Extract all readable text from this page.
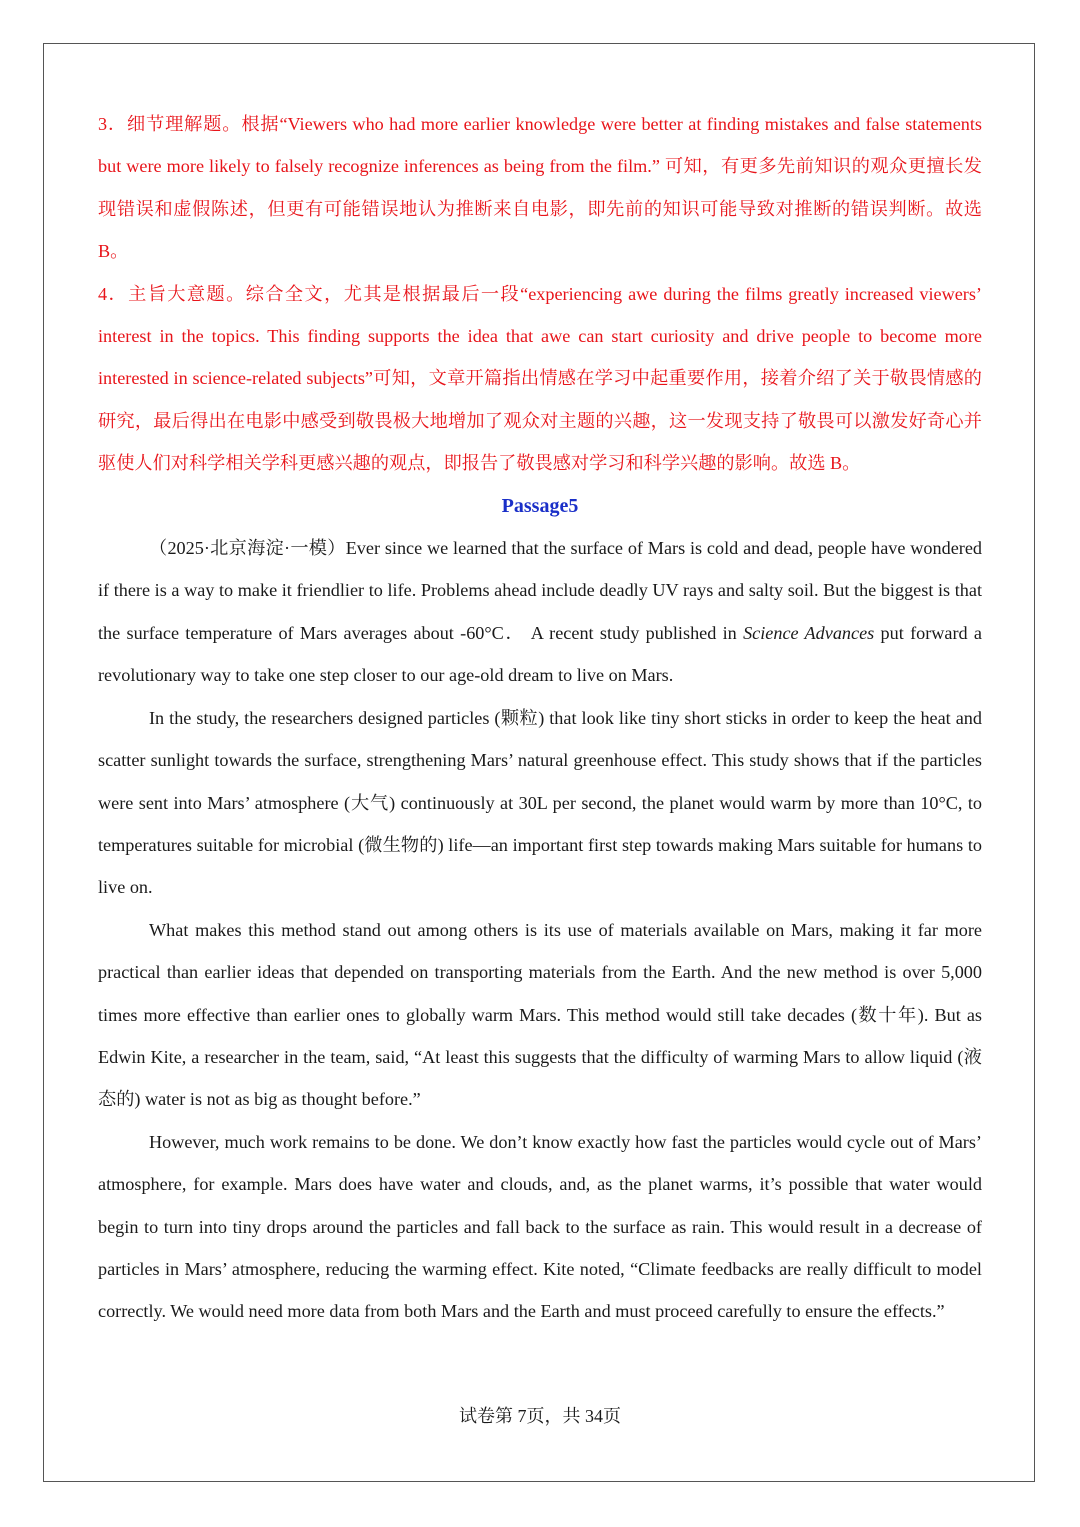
3．细节理解题。根据“Viewers who had more earlier knowledge were better at finding mistakes and false statements but were more likely to falsely recognize inferences as being from the film.” 可知，有更多先前知识的观众更擅长发现错误和虚假陈述，但更有可能错误地认为推断来自电影，即先前的知识可能导致对推断的错误判断。故选 B。

4．主旨大意题。综合全文，尤其是根据最后一段“experiencing awe during the films greatly increased viewers’ interest in the topics. This finding supports the idea that awe can start curiosity and drive people to become more interested in science-related subjects”可知，文章开篇指出情感在学习中起重要作用，接着介绍了关于敬畏情感的研究，最后得出在电影中感受到敬畏极大地增加了观众对主题的兴趣，这一发现支持了敬畏可以激发好奇心并驱使人们对科学相关学科更感兴趣的观点，即报告了敬畏感对学习和科学兴趣的影响。故选 B。

Passage5

（2025·北京海淀·一模）Ever since we learned that the surface of Mars is cold and dead, people have wondered if there is a way to make it friendlier to life. Problems ahead include deadly UV rays and salty soil. But the biggest is that the surface temperature of Mars averages about -60°C． A recent study published in Science Advances put forward a revolutionary way to take one step closer to our age-old dream to live on Mars.

In the study, the researchers designed particles (颗粒) that look like tiny short sticks in order to keep the heat and scatter sunlight towards the surface, strengthening Mars’ natural greenhouse effect. This study shows that if the particles were sent into Mars’ atmosphere (大气) continuously at 30L per second, the planet would warm by more than 10°C, to temperatures suitable for microbial (微生物的) life—an important first step towards making Mars suitable for humans to live on.

What makes this method stand out among others is its use of materials available on Mars, making it far more practical than earlier ideas that depended on transporting materials from the Earth. And the new method is over 5,000 times more effective than earlier ones to globally warm Mars. This method would still take decades (数十年). But as Edwin Kite, a researcher in the team, said, “At least this suggests that the difficulty of warming Mars to allow liquid (液态的) water is not as big as thought before.”

However, much work remains to be done. We don’t know exactly how fast the particles would cycle out of Mars’ atmosphere, for example. Mars does have water and clouds, and, as the planet warms, it’s possible that water would begin to turn into tiny drops around the particles and fall back to the surface as rain. This would result in a decrease of particles in Mars’ atmosphere, reducing the warming effect. Kite noted, “Climate feedbacks are really difficult to model correctly. We would need more data from both Mars and the Earth and must proceed carefully to ensure the effects.”

试卷第 7页，共 34页
